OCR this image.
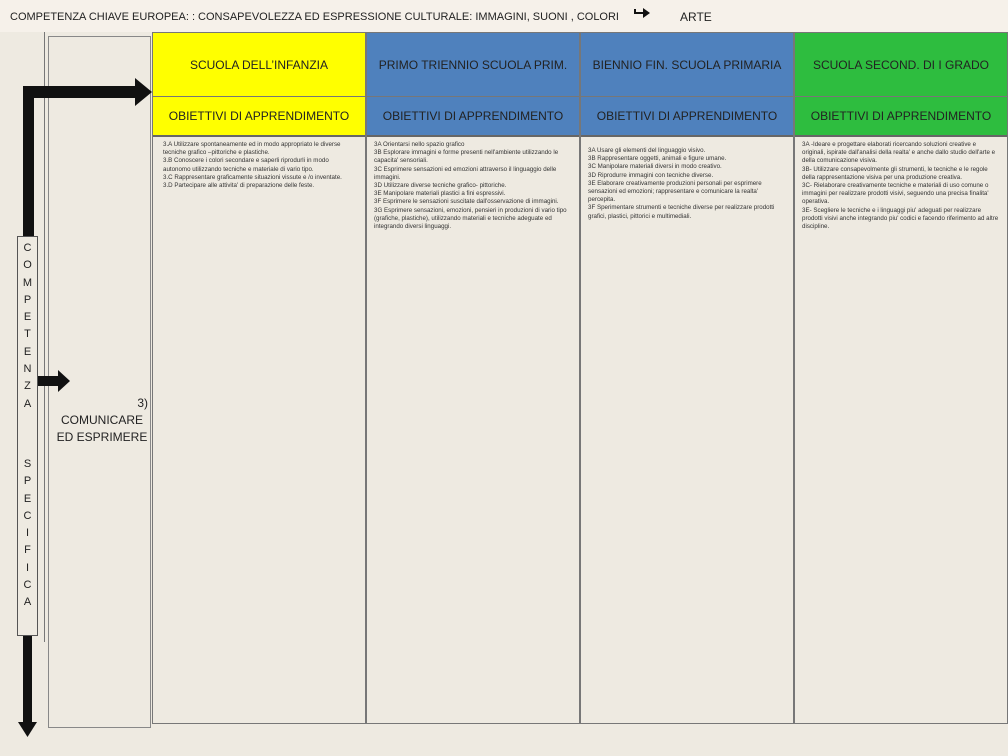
COMPETENZA CHIAVE EUROPEA: : CONSAPEVOLEZZA ED ESPRESSIONE CULTURALE: IMMAGINI, SUONI , COLORI	ARTE
C
O
M
P
E
T
E
N
Z
A
S
P
E
C
I
F
I
C
A
3)
COMUNICARE
ED ESPRIMERE
SCUOLA DELL’INFANZIA
OBIETTIVI DI APPRENDIMENTO

3.A Utilizzare spontaneamente ed in modo appropriato le diverse tecniche grafico –pittoriche e plastiche.

3.B Conoscere i colori secondare e saperli riprodurli in modo autonomo utilizzando tecniche e materiale di vario tipo.

3.C Rappresentare graficamente situazioni vissute e /o inventate.

3.D Partecipare alle attivita' di preparazione delle feste.

PRIMO TRIENNIO SCUOLA PRIM.
OBIETTIVI DI APPRENDIMENTO

3A Orientarsi nello spazio grafico

3B Esplorare immagini e forme presenti nell'ambiente utilizzando le capacita' sensoriali.

3C Esprimere sensazioni ed emozioni attraverso il linguaggio delle immagini.

3D Utilizzare diverse tecniche grafico- pittoriche.

3E Manipolare materiali plastici a fini espressivi.

3F Esprimere le sensazioni suscitate dall'osservazione di immagini.

3G Esprimere sensazioni, emozioni, pensieri in produzioni di vario tipo (grafiche, plastiche), utilizzando materiali e tecniche adeguate ed integrando diversi linguaggi.

BIENNIO FIN. SCUOLA PRIMARIA
OBIETTIVI DI APPRENDIMENTO

3A Usare gli elementi del linguaggio visivo.

3B Rappresentare oggetti, animali e figure umane.

3C Manipolare materiali diversi in modo creativo.

3D Riprodurre immagini con tecniche diverse.

3E Elaborare creativamente produzioni personali per esprimere sensazioni ed emozioni; rappresentare e comunicare la realta' percepita.

3F Sperimentare strumenti e tecniche diverse per realizzare prodotti grafici, plastici, pittorici e multimediali.

SCUOLA SECOND. DI I GRADO
OBIETTIVI DI APPRENDIMENTO

3A -Ideare e progettare elaborati ricercando soluzioni creative e originali, ispirate dall'analisi della realta' e anche dallo studio dell'arte e della comunicazione visiva.

3B- Utilizzare consapevolmente gli strumenti, le tecniche e le regole della rappresentazione visiva per una produzione creativa.

3C- Rielaborare creativamente tecniche e materiali di uso comune o immagini per realizzare prodotti visivi, seguendo una precisa finalita' operativa.

3E- Scegliere le tecniche e i linguaggi piu' adeguati per realizzare prodotti visivi anche integrando piu' codici e facendo riferimento ad altre discipline.
